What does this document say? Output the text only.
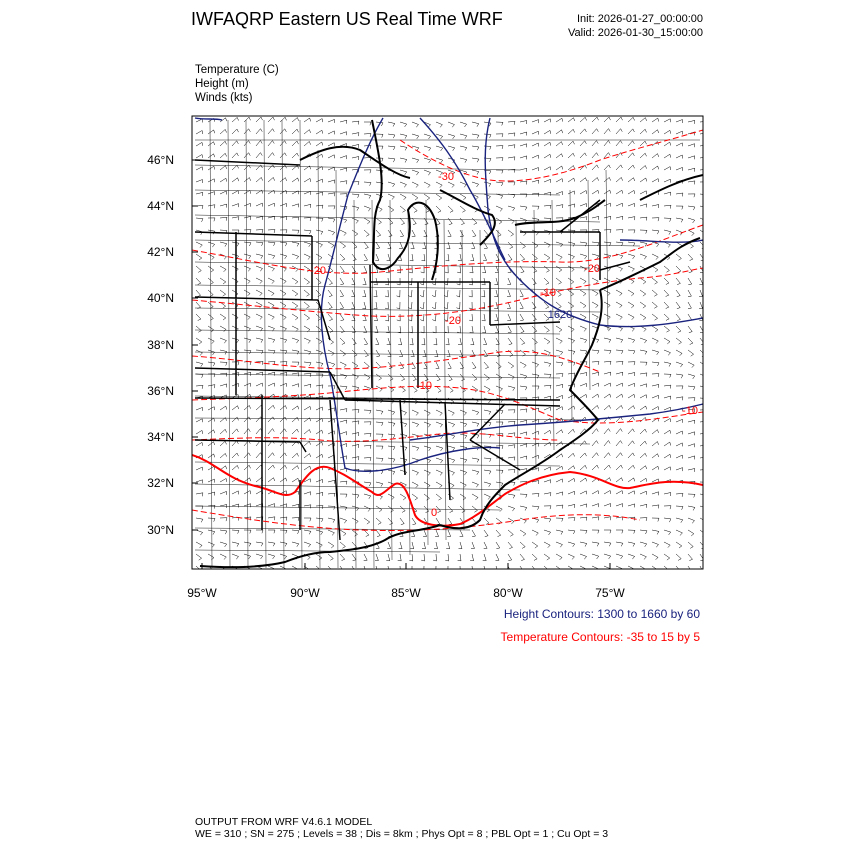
IWFAQRP Eastern US Real Time WRF	Init: 2026-01-27_00:00:00
Valid: 2026-01-30_15:00:00
Temperature (C)
Height (m)
Winds (kts)
46°N
44°N
42°N
40°N
38°N
36°N
34°N
32°N
30°N
95°W	90°W	85°W	80°W	75°W
1620
-30
-20
-20
-20
-10
-10
0
-10
Height Contours: 1300 to 1660 by 60
Temperature Contours: -35 to 15 by 5
OUTPUT FROM WRF V4.6.1 MODEL
WE = 310 ; SN = 275 ; Levels = 38 ; Dis = 8km ; Phys Opt = 8 ; PBL Opt = 1 ; Cu Opt = 3
